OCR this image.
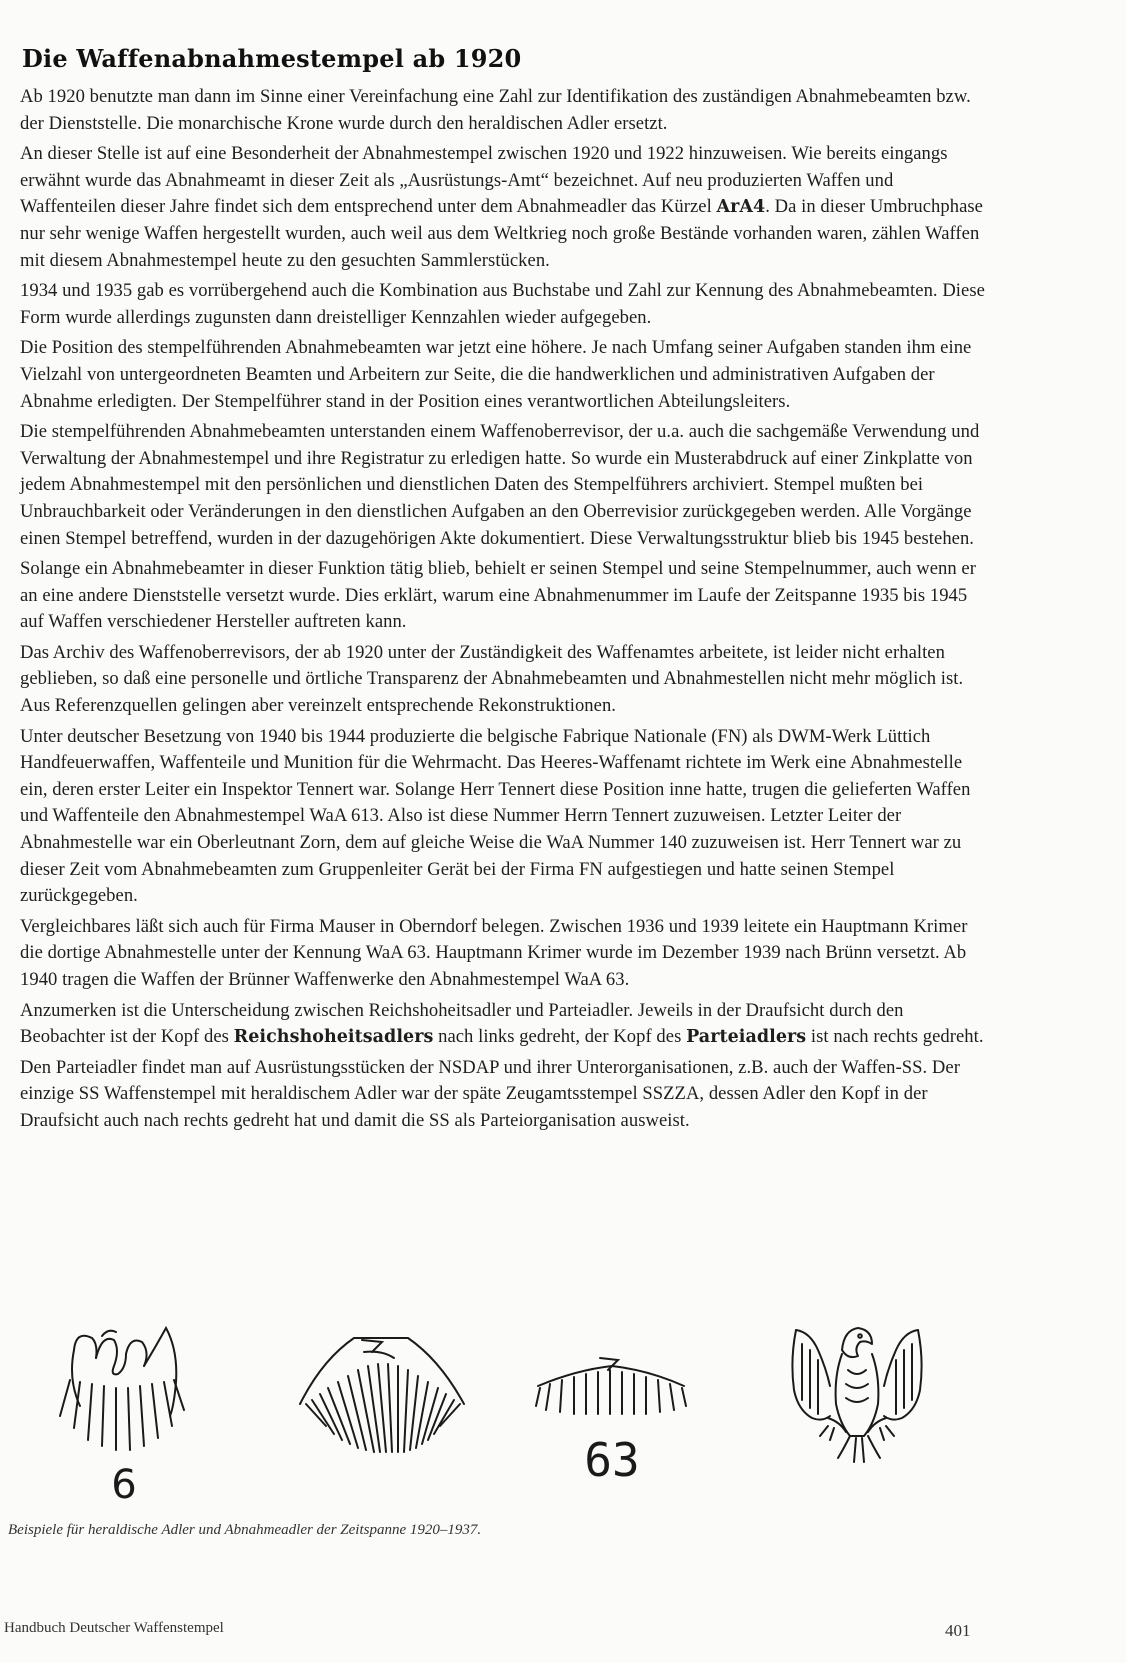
Die Waffenabnahmestempel ab 1920

Ab 1920 benutzte man dann im Sinne einer Vereinfachung eine Zahl zur Identifikation des zuständigen Abnahmebeamten bzw. der Dienststelle. Die monarchische Krone wurde durch den heraldischen Adler ersetzt.

An dieser Stelle ist auf eine Besonderheit der Abnahmestempel zwischen 1920 und 1922 hinzuweisen. Wie bereits eingangs erwähnt wurde das Abnahmeamt in dieser Zeit als „Ausrüstungs-Amt“ bezeichnet. Auf neu produzierten Waffen und Waffenteilen dieser Jahre findet sich dem entsprechend unter dem Abnahmeadler das Kürzel ArA4. Da in dieser Umbruchphase nur sehr wenige Waffen hergestellt wurden, auch weil aus dem Weltkrieg noch große Bestände vorhanden waren, zählen Waffen mit diesem Abnahmestempel heute zu den gesuchten Sammlerstücken.

1934 und 1935 gab es vorrübergehend auch die Kombination aus Buchstabe und Zahl zur Kennung des Abnahmebeamten. Diese Form wurde allerdings zugunsten dann dreistelliger Kennzahlen wieder aufgegeben.

Die Position des stempelführenden Abnahmebeamten war jetzt eine höhere. Je nach Umfang seiner Aufgaben standen ihm eine Vielzahl von untergeordneten Beamten und Arbeitern zur Seite, die die handwerklichen und administrativen Aufgaben der Abnahme erledigten. Der Stempelführer stand in der Position eines verantwortlichen Abteilungsleiters.

Die stempelführenden Abnahmebeamten unterstanden einem Waffenoberrevisor, der u.a. auch die sachgemäße Verwendung und Verwaltung der Abnahmestempel und ihre Registratur zu erledigen hatte. So wurde ein Musterabdruck auf einer Zinkplatte von jedem Abnahmestempel mit den persönlichen und dienstlichen Daten des Stempelführers archiviert. Stempel mußten bei Unbrauchbarkeit oder Veränderungen in den dienstlichen Aufgaben an den Oberrevisior zurückgegeben werden. Alle Vorgänge einen Stempel betreffend, wurden in der dazugehörigen Akte dokumentiert. Diese Verwaltungsstruktur blieb bis 1945 bestehen.

Solange ein Abnahmebeamter in dieser Funktion tätig blieb, behielt er seinen Stempel und seine Stempelnummer, auch wenn er an eine andere Dienststelle versetzt wurde. Dies erklärt, warum eine Abnahmenummer im Laufe der Zeitspanne 1935 bis 1945 auf Waffen verschiedener Hersteller auftreten kann.

Das Archiv des Waffenoberrevisors, der ab 1920 unter der Zuständigkeit des Waffenamtes arbeitete, ist leider nicht erhalten geblieben, so daß eine personelle und örtliche Transparenz der Abnahmebeamten und Abnahmestellen nicht mehr möglich ist. Aus Referenzquellen gelingen aber vereinzelt entsprechende Rekonstruktionen.

Unter deutscher Besetzung von 1940 bis 1944 produzierte die belgische Fabrique Nationale (FN) als DWM-Werk Lüttich Handfeuerwaffen, Waffenteile und Munition für die Wehrmacht. Das Heeres-Waffenamt richtete im Werk eine Abnahmestelle ein, deren erster Leiter ein Inspektor Tennert war. Solange Herr Tennert diese Position inne hatte, trugen die gelieferten Waffen und Waffenteile den Abnahmestempel WaA 613. Also ist diese Nummer Herrn Tennert zuzuweisen. Letzter Leiter der Abnahmestelle war ein Oberleutnant Zorn, dem auf gleiche Weise die WaA Nummer 140 zuzuweisen ist. Herr Tennert war zu dieser Zeit vom Abnahmebeamten zum Gruppenleiter Gerät bei der Firma FN aufgestiegen und hatte seinen Stempel zurückgegeben.

Vergleichbares läßt sich auch für Firma Mauser in Oberndorf belegen. Zwischen 1936 und 1939 leitete ein Hauptmann Krimer die dortige Abnahmestelle unter der Kennung WaA 63. Hauptmann Krimer wurde im Dezember 1939 nach Brünn versetzt. Ab 1940 tragen die Waffen der Brünner Waffenwerke den Abnahmestempel WaA 63.

Anzumerken ist die Unterscheidung zwischen Reichshoheitsadler und Parteiadler. Jeweils in der Draufsicht durch den Beobachter ist der Kopf des Reichshoheitsadlers nach links gedreht, der Kopf des Parteiadlers ist nach rechts gedreht.

Den Parteiadler findet man auf Ausrüstungsstücken der NSDAP und ihrer Unterorganisationen, z.B. auch der Waffen-SS. Der einzige SS Waffenstempel mit heraldischem Adler war der späte Zeugamtsstempel SSZZA, dessen Adler den Kopf in der Draufsicht auch nach rechts gedreht hat und damit die SS als Parteiorganisation ausweist.

6	63
Beispiele für heraldische Adler und Abnahmeadler der Zeitspanne 1920–1937.
Handbuch Deutscher Waffenstempel	401
